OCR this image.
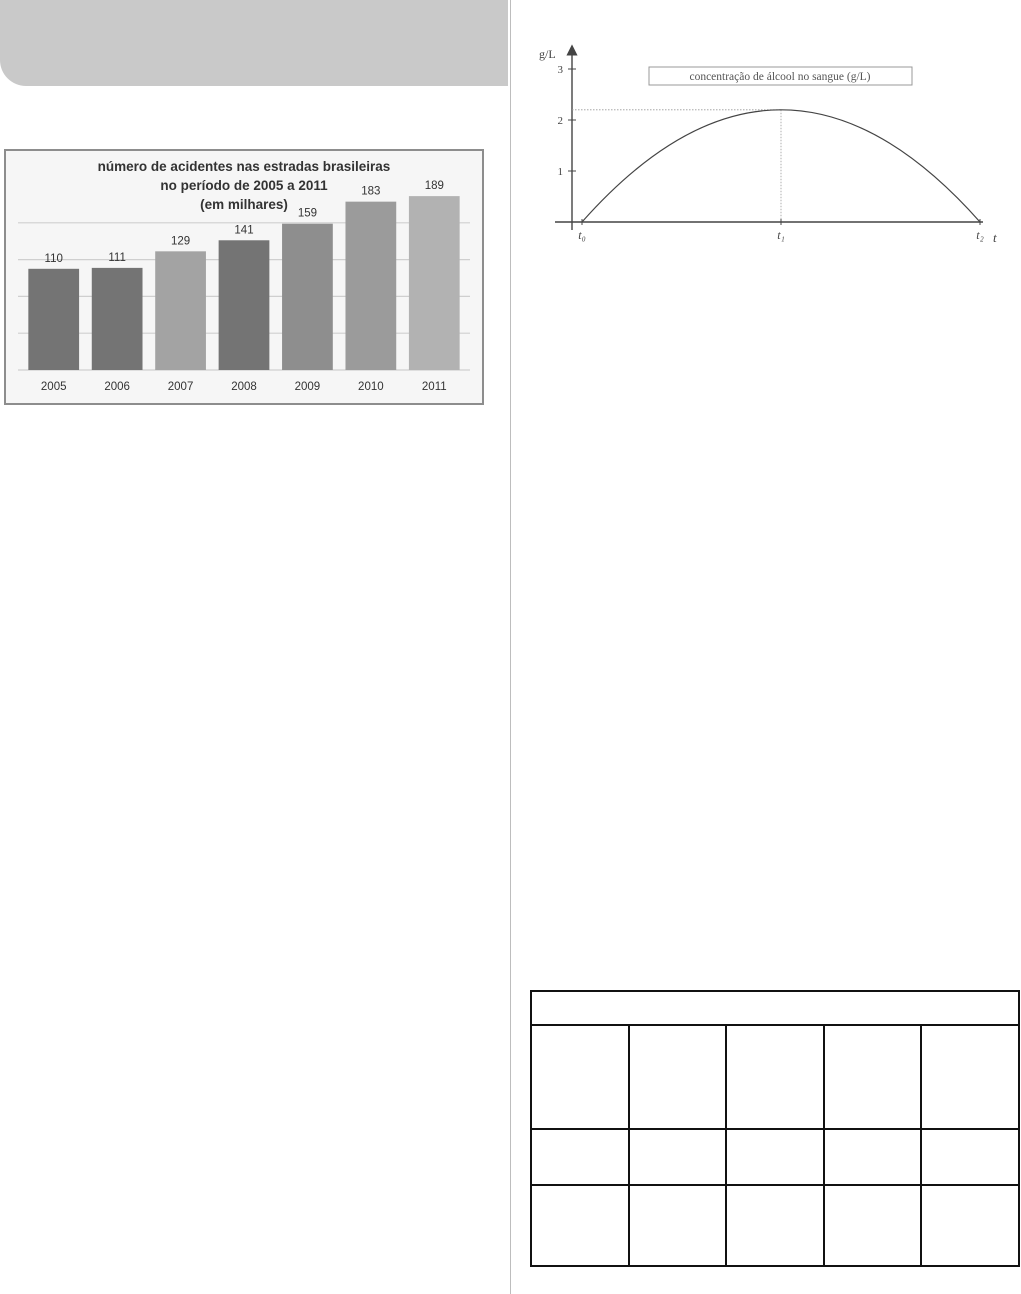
número de acidentes nas estradas brasileiras
no período de 2005 a 2011
(em milhares)
110
2005
111
2006
129
2007
141
2008
159
2009
183
2010
189
2011
g/L
t
1
2
3
t₀	t₁	t₂
concentração de álcool no sangue (g/L)
